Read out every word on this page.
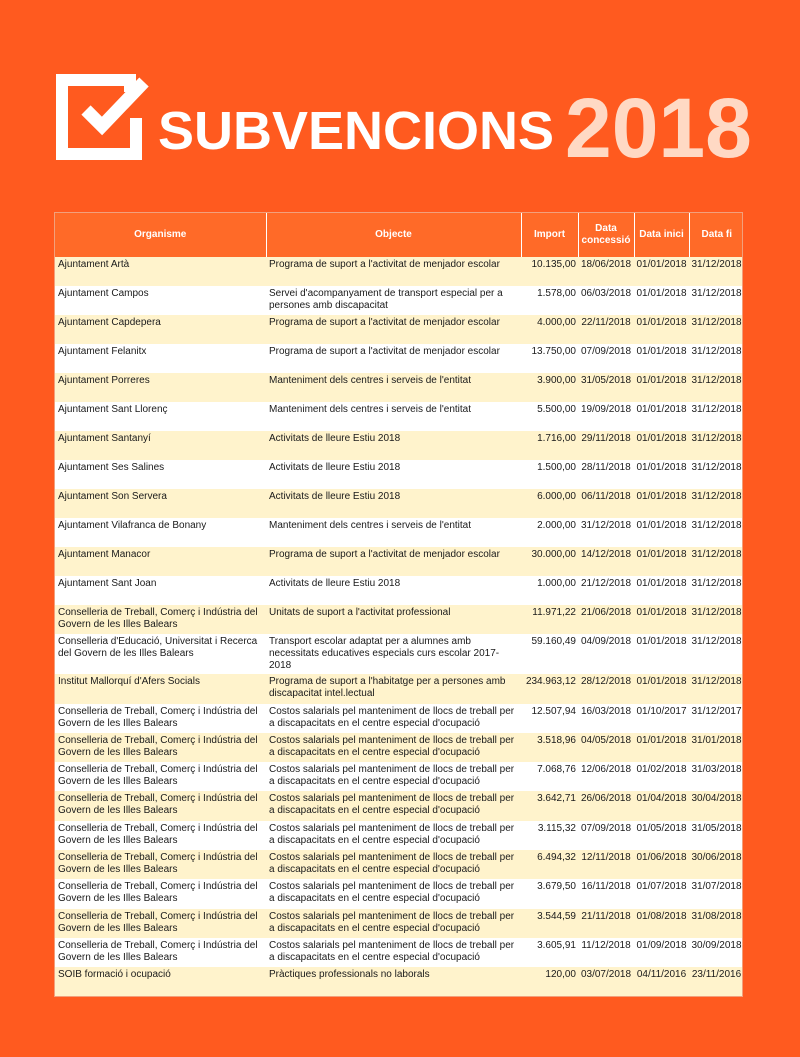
SUBVENCIONS 2018
Organisme	Objecte	Import	Data concessió	Data inici	Data fi
Ajuntament Artà	Programa de suport a l'activitat de menjador escolar	10.135,00	18/06/2018	01/01/2018	31/12/2018
Ajuntament Campos	Servei d'acompanyament de transport especial per a persones amb discapacitat	1.578,00	06/03/2018	01/01/2018	31/12/2018
Ajuntament Capdepera	Programa de suport a l'activitat de menjador escolar	4.000,00	22/11/2018	01/01/2018	31/12/2018
Ajuntament Felanitx	Programa de suport a l'activitat de menjador escolar	13.750,00	07/09/2018	01/01/2018	31/12/2018
Ajuntament Porreres	Manteniment dels centres i serveis de l'entitat	3.900,00	31/05/2018	01/01/2018	31/12/2018
Ajuntament Sant Llorenç	Manteniment dels centres i serveis de l'entitat	5.500,00	19/09/2018	01/01/2018	31/12/2018
Ajuntament Santanyí	Activitats de lleure Estiu 2018	1.716,00	29/11/2018	01/01/2018	31/12/2018
Ajuntament Ses Salines	Activitats de lleure Estiu 2018	1.500,00	28/11/2018	01/01/2018	31/12/2018
Ajuntament Son Servera	Activitats de lleure Estiu 2018	6.000,00	06/11/2018	01/01/2018	31/12/2018
Ajuntament Vilafranca de Bonany	Manteniment dels centres i serveis de l'entitat	2.000,00	31/12/2018	01/01/2018	31/12/2018
Ajuntament Manacor	Programa de suport a l'activitat de menjador escolar	30.000,00	14/12/2018	01/01/2018	31/12/2018
Ajuntament Sant Joan	Activitats de lleure Estiu 2018	1.000,00	21/12/2018	01/01/2018	31/12/2018
Conselleria de Treball, Comerç i Indústria del Govern de les Illes Balears	Unitats de suport a l'activitat professional	11.971,22	21/06/2018	01/01/2018	31/12/2018
Conselleria d'Educació, Universitat i Recerca del Govern de les Illes Balears	Transport escolar adaptat per a alumnes amb necessitats educatives especials curs escolar 2017-2018	59.160,49	04/09/2018	01/01/2018	31/12/2018
Institut Mallorquí d'Afers Socials	Programa de suport a l'habitatge per a persones amb discapacitat intel.lectual	234.963,12	28/12/2018	01/01/2018	31/12/2018
Conselleria de Treball, Comerç i Indústria del Govern de les Illes Balears	Costos salarials pel manteniment de llocs de treball per a discapacitats en el centre especial d'ocupació	12.507,94	16/03/2018	01/10/2017	31/12/2017
Conselleria de Treball, Comerç i Indústria del Govern de les Illes Balears	Costos salarials pel manteniment de llocs de treball per a discapacitats en el centre especial d'ocupació	3.518,96	04/05/2018	01/01/2018	31/01/2018
Conselleria de Treball, Comerç i Indústria del Govern de les Illes Balears	Costos salarials pel manteniment de llocs de treball per a discapacitats en el centre especial d'ocupació	7.068,76	12/06/2018	01/02/2018	31/03/2018
Conselleria de Treball, Comerç i Indústria del Govern de les Illes Balears	Costos salarials pel manteniment de llocs de treball per a discapacitats en el centre especial d'ocupació	3.642,71	26/06/2018	01/04/2018	30/04/2018
Conselleria de Treball, Comerç i Indústria del Govern de les Illes Balears	Costos salarials pel manteniment de llocs de treball per a discapacitats en el centre especial d'ocupació	3.115,32	07/09/2018	01/05/2018	31/05/2018
Conselleria de Treball, Comerç i Indústria del Govern de les Illes Balears	Costos salarials pel manteniment de llocs de treball per a discapacitats en el centre especial d'ocupació	6.494,32	12/11/2018	01/06/2018	30/06/2018
Conselleria de Treball, Comerç i Indústria del Govern de les Illes Balears	Costos salarials pel manteniment de llocs de treball per a discapacitats en el centre especial d'ocupació	3.679,50	16/11/2018	01/07/2018	31/07/2018
Conselleria de Treball, Comerç i Indústria del Govern de les Illes Balears	Costos salarials pel manteniment de llocs de treball per a discapacitats en el centre especial d'ocupació	3.544,59	21/11/2018	01/08/2018	31/08/2018
Conselleria de Treball, Comerç i Indústria del Govern de les Illes Balears	Costos salarials pel manteniment de llocs de treball per a discapacitats en el centre especial d'ocupació	3.605,91	11/12/2018	01/09/2018	30/09/2018
SOIB formació i ocupació	Pràctiques professionals no laborals	120,00	03/07/2018	04/11/2016	23/11/2016
